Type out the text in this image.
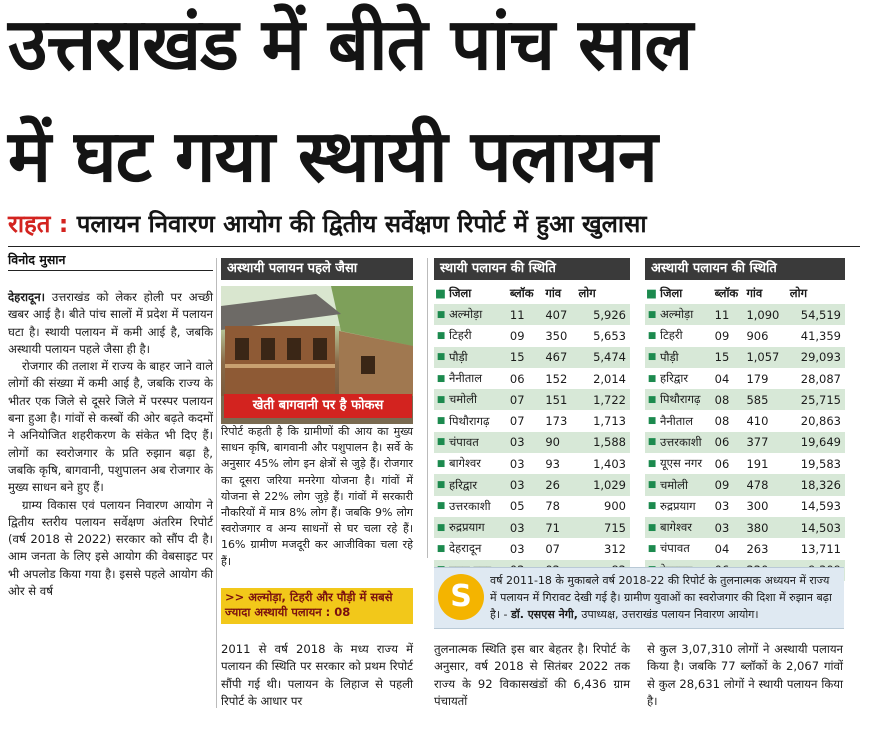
उत्तराखंड में बीते पांच साल
में घट गया स्थायी पलायन
राहत : पलायन निवारण आयोग की द्वितीय सर्वेक्षण रिपोर्ट में हुआ खुलासा
विनोद मुसान

देहरादून। उत्तराखंड को लेकर होली पर अच्छी खबर आई है। बीते पांच सालों में प्रदेश में पलायन घटा है। स्थायी पलायन में कमी आई है, जबकि अस्थायी पलायन पहले जैसा ही है।

रोजगार की तलाश में राज्य के बाहर जाने वाले लोगों की संख्या में कमी आई है, जबकि राज्य के भीतर एक जिले से दूसरे जिले में परस्पर पलायन बना हुआ है। गांवों से कस्बों की ओर बढ़ते कदमों ने अनियोजित शहरीकरण के संकेत भी दिए हैं। लोगों का स्वरोजगार के प्रति रुझान बढ़ा है, जबकि कृषि, बागवानी, पशुपालन अब रोजगार के मुख्य साधन बने हुए हैं।

ग्राम्य विकास एवं पलायन निवारण आयोग ने द्वितीय स्तरीय पलायन सर्वेक्षण अंतरिम रिपोर्ट (वर्ष 2018 से 2022) सरकार को सौंप दी है। आम जनता के लिए इसे आयोग की वेबसाइट पर भी अपलोड किया गया है। इससे पहले आयोग की ओर से वर्ष

अस्थायी पलायन पहले जैसा
खेती बागवानी पर है फोकस

रिपोर्ट कहती है कि ग्रामीणों की आय का मुख्य साधन कृषि, बागवानी और पशुपालन है। सर्वे के अनुसार 45% लोग इन क्षेत्रों से जुड़े हैं। रोजगार का दूसरा जरिया मनरेगा योजना है। गांवों में योजना से 22% लोग जुड़े हैं। गांवों में सरकारी नौकरियों में मात्र 8% लोग हैं। जबकि 9% लोग स्वरोजगार व अन्य साधनों से घर चला रहे हैं। 16% ग्रामीण मजदूरी कर आजीविका चला रहे हैं।

>> अल्मोड़ा, टिहरी और पौड़ी में सबसे ज्यादा अस्थायी पलायन : 08

2011 से वर्ष 2018 के मध्य राज्य में पलायन की स्थिति पर सरकार को प्रथम रिपोर्ट सौंपी गई थी। पलायन के लिहाज से पहली रिपोर्ट के आधार पर

स्थायी पलायन की स्थिति
■	जिला	ब्लॉक	गांव	लोग
■	अल्मोड़ा	11	407	5,926
■	टिहरी	09	350	5,653
■	पौड़ी	15	467	5,474
■	नैनीताल	06	152	2,014
■	चमोली	07	151	1,722
■	पिथौरागढ़	07	173	1,713
■	चंपावत	03	90	1,588
■	बागेश्वर	03	93	1,403
■	हरिद्वार	03	26	1,029
■	उत्तरकाशी	05	78	900
■	रुद्रप्रयाग	03	71	715
■	देहरादून	03	07	312

अस्थायी पलायन की स्थिति
■	जिला	ब्लॉक	गांव	लोग
■	अल्मोड़ा	11	1,090	54,519
■	टिहरी	09	906	41,359
■	पौड़ी	15	1,057	29,093
■	हरिद्वार	04	179	28,087
■	पिथौरागढ़	08	585	25,715
■	नैनीताल	08	410	20,863
■	उत्तरकाशी	06	377	19,649
■	यूएस नगर	06	191	19,583
■	चमोली	09	478	18,326
■	रुद्रप्रयाग	03	300	14,593
■	बागेश्वर	03	380	14,503
■	चंपावत	04	263	13,711

S	वर्ष 2011-18 के मुकाबले वर्ष 2018-22 की रिपोर्ट के तुलनात्मक अध्ययन में राज्य में पलायन में गिरावट देखी गई है। ग्रामीण युवाओं का स्वरोजगार की दिशा में रुझान बढ़ा है। - डॉ. एसएस नेगी, उपाध्यक्ष, उत्तराखंड पलायन निवारण आयोग।

तुलनात्मक स्थिति इस बार बेहतर है। रिपोर्ट के अनुसार, वर्ष 2018 से सितंबर 2022 तक राज्य के 92 विकासखंडों की 6,436 ग्राम पंचायतों

से कुल 3,07,310 लोगों ने अस्थायी पलायन किया है। जबकि 77 ब्लॉकों के 2,067 गांवों से कुल 28,631 लोगों ने स्थायी पलायन किया है।
